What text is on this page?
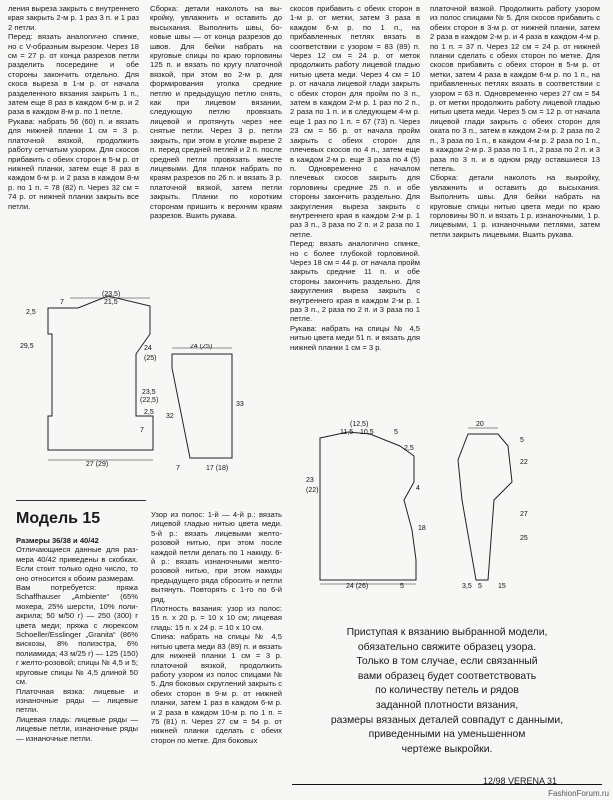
ления выреза закрыть с внутреннего края закрыть 2-м р. 1 раз 3 п. и 1 раз 2 петли.

Перед: вязать аналогично спинке, но с V-образным вырезом. Через 18 см = 27 р. от конца разрезов петли разделить посередине и обе стороны закончить отдельно. Для скоса выреза в 1-м р. от начала разделенного вязания закрыть 1 п., затем еще 8 раз в каждом 6-м р. и 2 раза в каждом 8-м р. по 1 петле.

Рукава: набрать 56 (60) п. и вязать для нижней планки 1 см = 3 р. платочной вязкой, продолжить работу сетчатым узором. Для скосов прибавить с обеих сторон в 5-м р. от нижней планки, затем еще 8 раз в каждом 6-м р. и 2 раза в каждом 8-м р. по 1 п. = 78 (82) п. Через 32 см = 74 р. от нижней планки закрыть все петли.

Сборка: детали наколоть на выкройку, увлажнить и оставить до высыхания. Выполнить швы, боковые швы — от конца разрезов до швов. Для бейки набрать на круговые спицы по краю горловины 125 п. и вязать по кругу платочной вязкой, при этом во 2-м р. для формирования уголка средние петлю и предыдущую петлю снять, как при лицевом вязании, следующую петлю провязать лицевой и протянуть через нее снятые петли. Через 3 р. петли закрыть, при этом в уголке вырезе 2 п. перед средней петлей и 2 п. после средней петли провязать вместе лицевыми. Для планок набрать по краям разрезов по 26 п. и вязать 3 р. платочной вязкой, затем петли закрыть. Планки по коротким сторонам пришить к верхним краям разрезов. Вшить рукава.

скосов прибавить с обеих сторон в 1-м р. от метки, затем 3 раза в каждом 6-м р. по 1 п., на прибавленных петлях вязать в соответствии с узором = 83 (89) п. Через 12 см = 24 р. от меток продолжить работу лицевой гладью нитью цвета меди. Через 4 см = 10 р. от начала лицевой глади закрыть с обеих сторон для пройм по 3 п., затем в каждом 2-м р. 1 раз по 2 п., 2 раза по 1 п. и в следующем 4-м р. еще 1 раз по 1 п. = 67 (73) п. Через 23 см = 56 р. от начала пройм закрыть с обеих сторон для плечевых скосов по 4 п., затем еще в каждом 2-м р. еще 3 раза по 4 (5) п. Одновременно с началом плечевых скосов закрыть для горловины средние 25 п. и обе стороны закончить раздельно. Для закругления выреза закрыть с внутреннего края в каждом 2-м р. 1 раз 3 п., 3 раза по 2 п. и 2 раза по 1 петле.

Перед: вязать аналогично спинке, но с более глубокой горловиной. Через 18 см = 44 р. от начала пройм закрыть средние 11 п. и обе стороны закончить раздельно. Для закругления выреза закрыть с внутреннего края в каждом 2-м р. 1 раз 3 п., 2 раза по 2 п. и 3 раза по 1 петле.

Рукава: набрать на спицы № 4,5 нитью цвета меди 51 п. и вязать для нижней планки 1 см = 3 р.

платочной вязкой. Продолжить работу узором из полос спицами № 5. Для скосов прибавить с обеих сторон в 3-м р. от нижней планки, затем 2 раза в каждом 2-м р. и 4 раза в каждом 4-м р. по 1 п. = 37 п. Через 12 см = 24 р. от нижней планки сделать с обеих сторон по метке. Для скосов прибавить с обеих сторон в 5-м р. от метки, затем 4 раза в каждом 6-м р. по 1 п., на прибавленных петлях вязать в соответствии с узором = 63 п. Одновременно через 27 см = 54 р. от метки продолжить работу лицевой гладью нитью цвета меди. Через 5 см = 12 р. от начала лицевой глади закрыть с обеих сторон для оката по 3 п., затем в каждом 2-м р. 2 раза по 2 п., 3 раза по 1 п., в каждом 4-м р. 2 раза по 1 п., в каждом 2-м р. 3 раза по 1 п., 2 раза по 2 п. и 3 раза по 3 п. и в одном ряду оставшиеся 13 петель.

Сборка: детали наколоть на выкройку, увлажнить и оставить до высыхания. Выполнить швы. Для бейки набрать на круговые спицы нитью цвета меди по краю горловины 90 п. и вязать 1 р. изнаночными, 1 р. лицевыми, 1 р. изнаночными петлями, затем петли закрыть лицевыми. Вшить рукава.

(23,5)
21,5
7
2,5
29,5	24
(25)
23,5
(22,5)
7
2,5
27 (29)
24 (25)
33
32
7	17 (18)
Модель 15

Размеры 36/38 и 40/42

Отличающиеся данные для размера 40/42 приведены в скобках. Если стоит только одно число, то оно относится к обоим размерам.

Вам потребуется: пряжа Schaffhauser „Ambiente“ (65% мохера, 25% шерсти, 10% полиакрила; 50 м/50 г) — 250 (300) г цвета меди; пряжа с люрексом Schoeller/Esslinger „Granita“ (86% вискозы, 8% полиэстра, 6% полиамида; 43 м/25 г) — 125 (150) г желто-розовой; спицы № 4,5 и 5; круговые спицы № 4,5 длиной 50 см.

Платочная вязка: лицевые и изнаночные ряды — лицевые петли.

Лицевая гладь: лицевые ряды — лицевые петли, изнаночные ряды — изнаночные петли.

Узор из полос: 1-й — 4-й р.: вязать лицевой гладью нитью цвета меди. 5-й р.: вязать лицевыми желто-розовой нитью, при этом после каждой петли делать по 1 накиду. 6-й р.: вязать изнаночными желто-розовой нитью, при этом накиды предыдущего ряда сбросить и петли вытянуть. Повторять с 1-го по 6-й ряд.

Плотность вязания: узор из полос: 15 п. x 20 р. = 10 x 10 см; лицевая гладь: 15 п. x 24 р. = 10 x 10 см.

Спина: набрать на спицы № 4,5 нитью цвета меди 83 (89) п. и вязать для нижней планки 1 см = 3 р. платочной вязкой, продолжить работу узором из полос спицами № 5. Для боковых скруглений закрыть с обеих сторон в 9-м р. от нижней планки, затем 1 раз в каждом 6-м р. и 2 раза в каждом 10-м р. по 1 п. = 75 (81) п. Через 27 см = 54 р. от нижней планки сделать с обеих сторон по метке. Для боковых

(12,5)
11,5 10,5	5
2,5
23
(22)	4
18
24 (26)	5
20
5
22
27
25
3,5 5 15
Приступая к вязанию выбранной модели,
обязательно свяжите образец узора.
Только в том случае, если связанный
вами образец будет соответствовать
по количеству петель и рядов
заданной плотности вязания,
размеры вязаных деталей совпадут с данными,
приведенными на уменьшенном
чертеже выкройки.
12/98 VERENA 31
FashionForum.ru
